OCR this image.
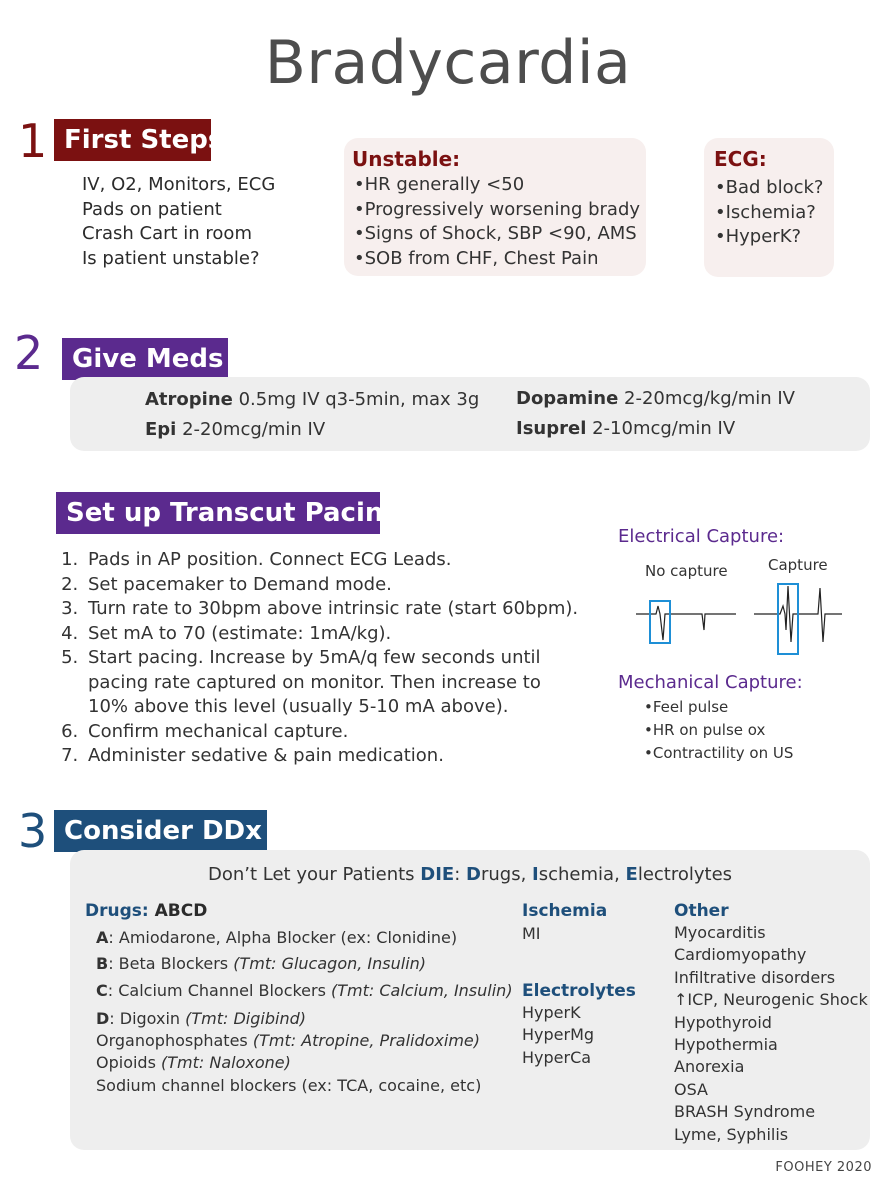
Bradycardia
1 First Steps
IV, O2, Monitors, ECG
Pads on patient
Crash Cart in room
Is patient unstable?
Unstable:
•HR generally <50
•Progressively worsening brady
•Signs of Shock, SBP <90, AMS
•SOB from CHF, Chest Pain
ECG:
•Bad block?
•Ischemia?
•HyperK?
2	Give Meds
Atropine 0.5mg IV q3-5min, max 3g
Epi 2-20mcg/min IV
Dopamine 2-20mcg/kg/min IV
Isuprel 2-10mcg/min IV
Set up Transcut Pacing
1. Pads in AP position. Connect ECG Leads.
2. Set pacemaker to Demand mode.
3. Turn rate to 30bpm above intrinsic rate (start 60bpm).
4. Set mA to 70 (estimate: 1mA/kg).
5. Start pacing. Increase by 5mA/q few seconds until pacing rate captured on monitor. Then increase to 10% above this level (usually 5-10 mA above).
6. Confirm mechanical capture.
7. Administer sedative & pain medication.
Electrical Capture:
No capture	Capture
Mechanical Capture:
•Feel pulse
•HR on pulse ox
•Contractility on US
3 Consider DDx
Don’t Let your Patients DIE: Drugs, Ischemia, Electrolytes
Drugs: ABCD
A: Amiodarone, Alpha Blocker (ex: Clonidine)
B: Beta Blockers (Tmt: Glucagon, Insulin)
C: Calcium Channel Blockers (Tmt: Calcium, Insulin)
D: Digoxin (Tmt: Digibind)
Organophosphates (Tmt: Atropine, Pralidoxime)
Opioids (Tmt: Naloxone)
Sodium channel blockers (ex: TCA, cocaine, etc)
Ischemia
MI
Electrolytes
HyperK
HyperMg
HyperCa
Other
Myocarditis
Cardiomyopathy
Infiltrative disorders
↑ICP, Neurogenic Shock
Hypothyroid
Hypothermia
Anorexia
OSA
BRASH Syndrome
Lyme, Syphilis
FOOHEY 2020
